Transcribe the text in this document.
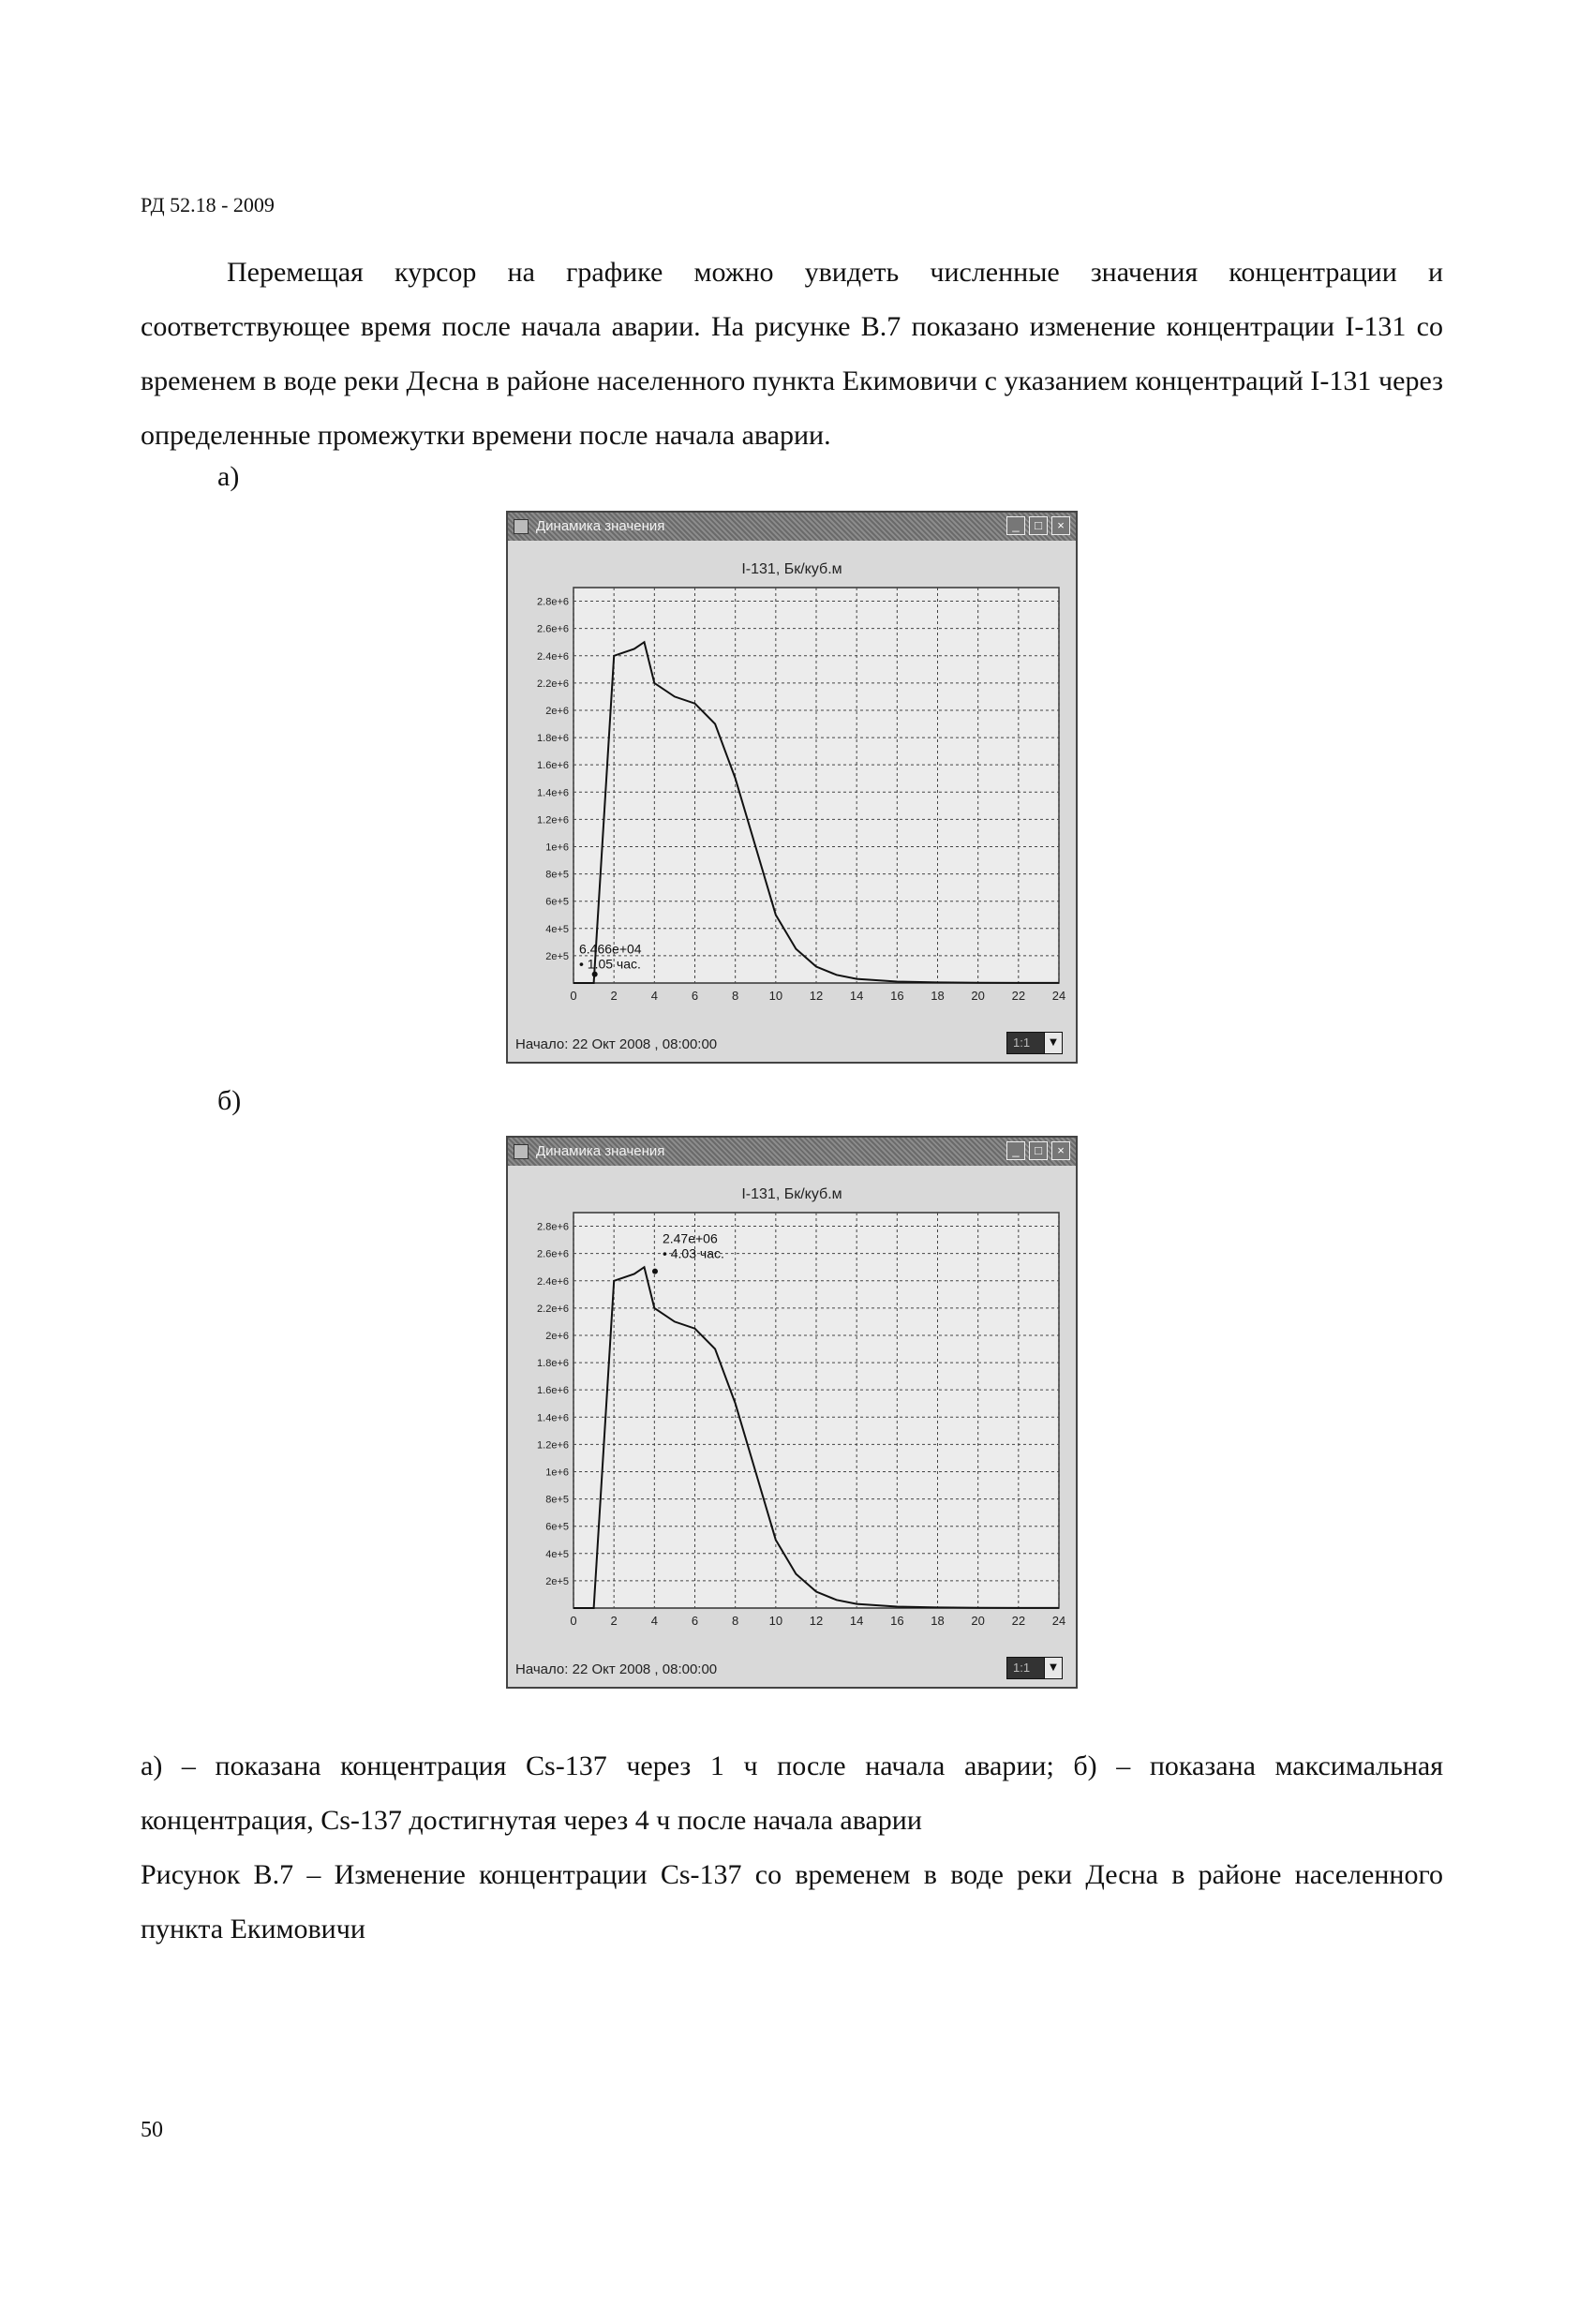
РД 52.18 - 2009

Перемещая курсор на графике можно увидеть численные значения концентрации и соответствующее время после начала аварии. На рисунке В.7 показано изменение концентрации I-131 со временем в воде реки Десна в районе населенного пункта Екимовичи с указанием концентраций I-131 через определенные промежутки времени после начала аварии.

а)
Динамика значения	_	□	×
I-131, Бк/куб.м
0	2	4	6	8 10 12 14 16 18 20 22 24
2e+5
4e+5
6e+5
8e+5
1e+6
1.2e+6
1.4e+6
1.6e+6
1.8e+6
2e+6
2.2e+6
2.4e+6
2.6e+6
2.8e+6
6.466e+04
• 1.05 час.
Начало: 22 Окт 2008 , 08:00:00	1:1	▼
б)
Динамика значения	_	□	×
I-131, Бк/куб.м
0	2	4	6	8 10 12 14 16 18 20 22 24
2e+5
4e+5
6e+5
8e+5
1e+6
1.2e+6
1.4e+6
1.6e+6
1.8e+6
2e+6
2.2e+6
2.4e+6
2.6e+6
2.8e+6
2.47e+06
• 4.03 час.
Начало: 22 Окт 2008 , 08:00:00	1:1	▼

а) – показана концентрация Cs-137 через 1 ч после начала аварии; б) – показана максимальная концентрация, Cs-137 достигнутая через 4 ч после начала аварии

Рисунок В.7 – Изменение концентрации Cs-137 со временем в воде реки Десна в районе населенного пункта Екимовичи

50
